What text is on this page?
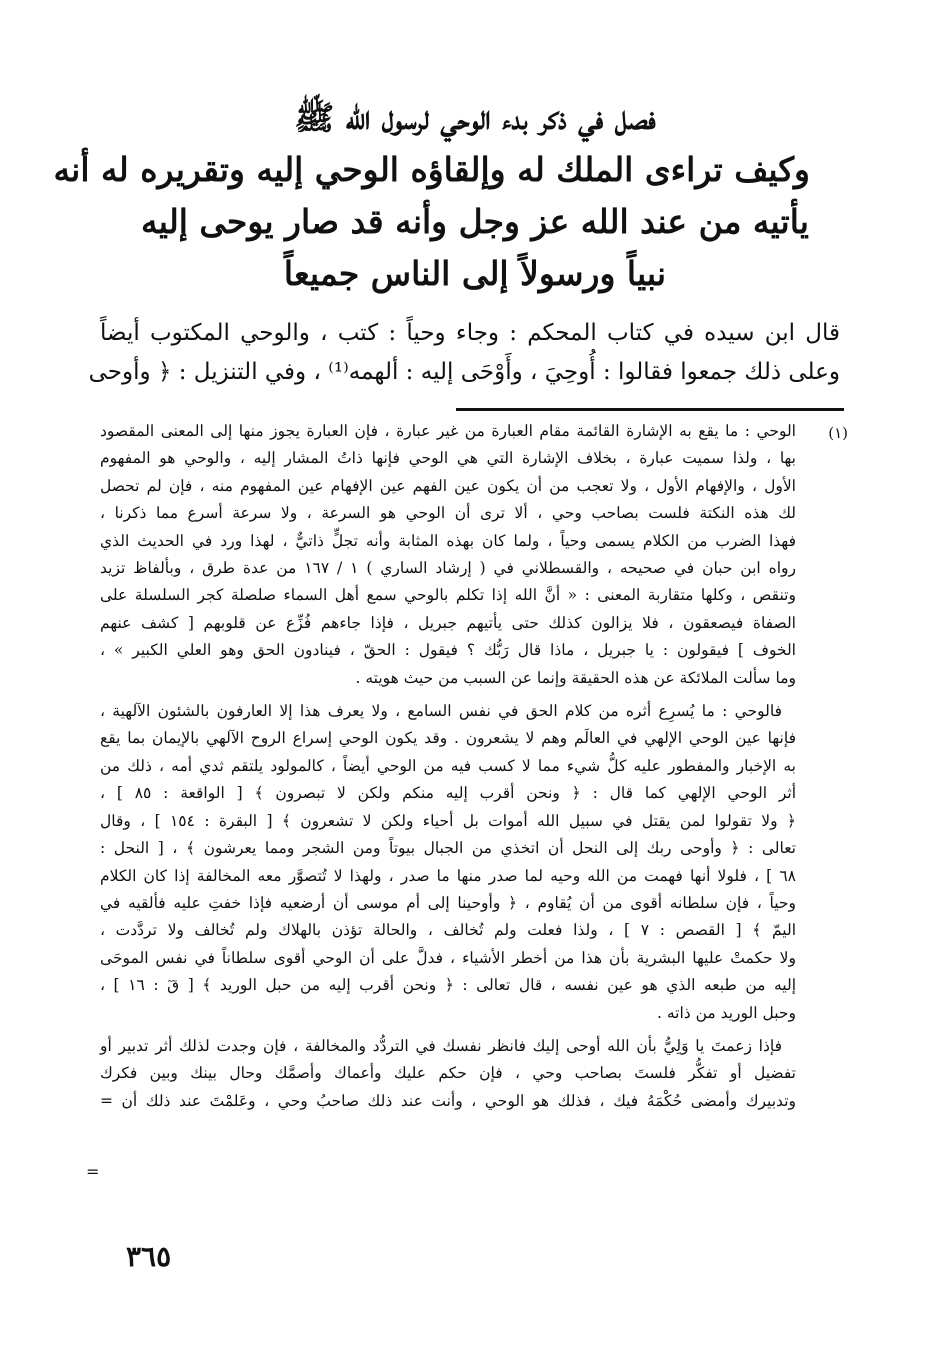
فصل في ذكر بدء الوحي لرسول الله ﷺ
وكيف تراءى الملك له وإلقاؤه الوحي إليه وتقريره له أنه
يأتيه من عند الله عز وجل وأنه قد صار يوحى إليه
نبياً ورسولاً إلى الناس جميعاً
قال ابن سيده في كتاب المحكم : وجاء وحياً : كتب ، والوحي المكتوب أيضاً
وعلى ذلك جمعوا فقالوا : أُوحِيَ ، وأَوْحَى إليه : ألهمه⁽¹⁾ ، وفي التنزيل : ﴿ وأوحى
(١)
الوحي : ما يقع به الإشارة القائمة مقام العبارة من غير عبارة ، فإن العبارة يجوز منها إلى المعنى المقصود
بها ، ولذا سميت عبارة ، بخلاف الإشارة التي هي الوحي فإنها ذاتُ المشار إليه ، والوحي هو المفهوم
الأول ، والإفهام الأول ، ولا تعجب من أن يكون عين الفهم عين الإفهام عين المفهوم منه ، فإن لم تحصل
لك هذه النكتة فلست بصاحب وحي ، ألا ترى أن الوحي هو السرعة ، ولا سرعة أسرع مما ذكرنا ،
فهذا الضرب من الكلام يسمى وحياً ، ولما كان بهذه المثابة وأنه تجلٍّ ذاتيٌّ ، لهذا ورد في الحديث الذي
رواه ابن حبان في صحيحه ، والقسطلاني في ( إرشاد الساري ) ١ / ١٦٧ من عدة طرق ، وبألفاظ تزيد
وتنقص ، وكلها متقاربة المعنى : « أنَّ الله إذا تكلم بالوحي سمع أهل السماء صلصلة كجر السلسلة على
الصفاة فيصعقون ، فلا يزالون كذلك حتى يأتيهم جبريل ، فإذا جاءهم فُزِّع عن قلوبهم [ كشف عنهم
الخوف ] فيقولون : يا جبريل ، ماذا قال رَبُّك ؟ فيقول : الحقّ ، فينادون الحق وهو العلي الكبير » ،
وما سألت الملائكة عن هذه الحقيقة وإنما عن السبب من حيث هويته .
فالوحي : ما يُسرِع أثره من كلام الحق في نفس السامع ، ولا يعرف هذا إلا العارفون بالشئون الآلهية ،
فإنها عين الوحي الإلهي في العالَم وهم لا يشعرون . وقد يكون الوحي إسراع الروح الآلهي بالإيمان بما يقع
به الإخبار والمفطور عليه كلُّ شيء مما لا كسب فيه من الوحي أيضاً ، كالمولود يلتقم ثدي أمه ، ذلك من
أثر الوحي الإلهي كما قال : ﴿ ونحن أقرب إليه منكم ولكن لا تبصرون ﴾ [ الواقعة : ٨٥ ] ،
﴿ ولا تقولوا لمن يقتل في سبيل الله أموات بل أحياء ولكن لا تشعرون ﴾ [ البقرة : ١٥٤ ] ، وقال
تعالى : ﴿ وأوحى ربك إلى النحل أن اتخذي من الجبال بيوتاً ومن الشجر ومما يعرشون ﴾ ، [ النحل :
٦٨ ] ، فلولا أنها فهمت من الله وحيه لما صدر منها ما صدر ، ولهذا لا تُتصوَّر معه المخالفة إذا كان الكلام
وحياً ، فإن سلطانه أقوى من أن يُقاوم ، ﴿ وأوحينا إلى أم موسى أن أرضعيه فإذا خفتِ عليه فألقيه في
اليمّ ﴾ [ القصص : ٧ ] ، ولذا فعلت ولم تُخالف ، والحالة تؤذن بالهلاك ولم تُخالف ولا تردَّدت ،
ولا حكمتْ عليها البشرية بأن هذا من أخطر الأشياء ، فدلَّ على أن الوحي أقوى سلطاناً في نفس الموحَى
إليه من طبعه الذي هو عين نفسه ، قال تعالى : ﴿ ونحن أقرب إليه من حبل الوريد ﴾ [ قٓ : ١٦ ] ،
وحبل الوريد من ذاته .
فإذا زعمتَ يا وَلِيُّ بأن الله أوحى إليك فانظر نفسك في التردُّد والمخالفة ، فإن وجدت لذلك أثر تدبير أو
تفضيل أو تفكُّر فلستَ بصاحب وحي ، فإن حكم عليك وأعماك وأصمَّك وحال بينك وبين فكرك
وتدبيرك وأمضى حُكْمَهُ فيك ، فذلك هو الوحي ، وأنت عند ذلك صاحبُ وحي ، وعَلمْتَ عند ذلك أن =
=
٣٦٥
